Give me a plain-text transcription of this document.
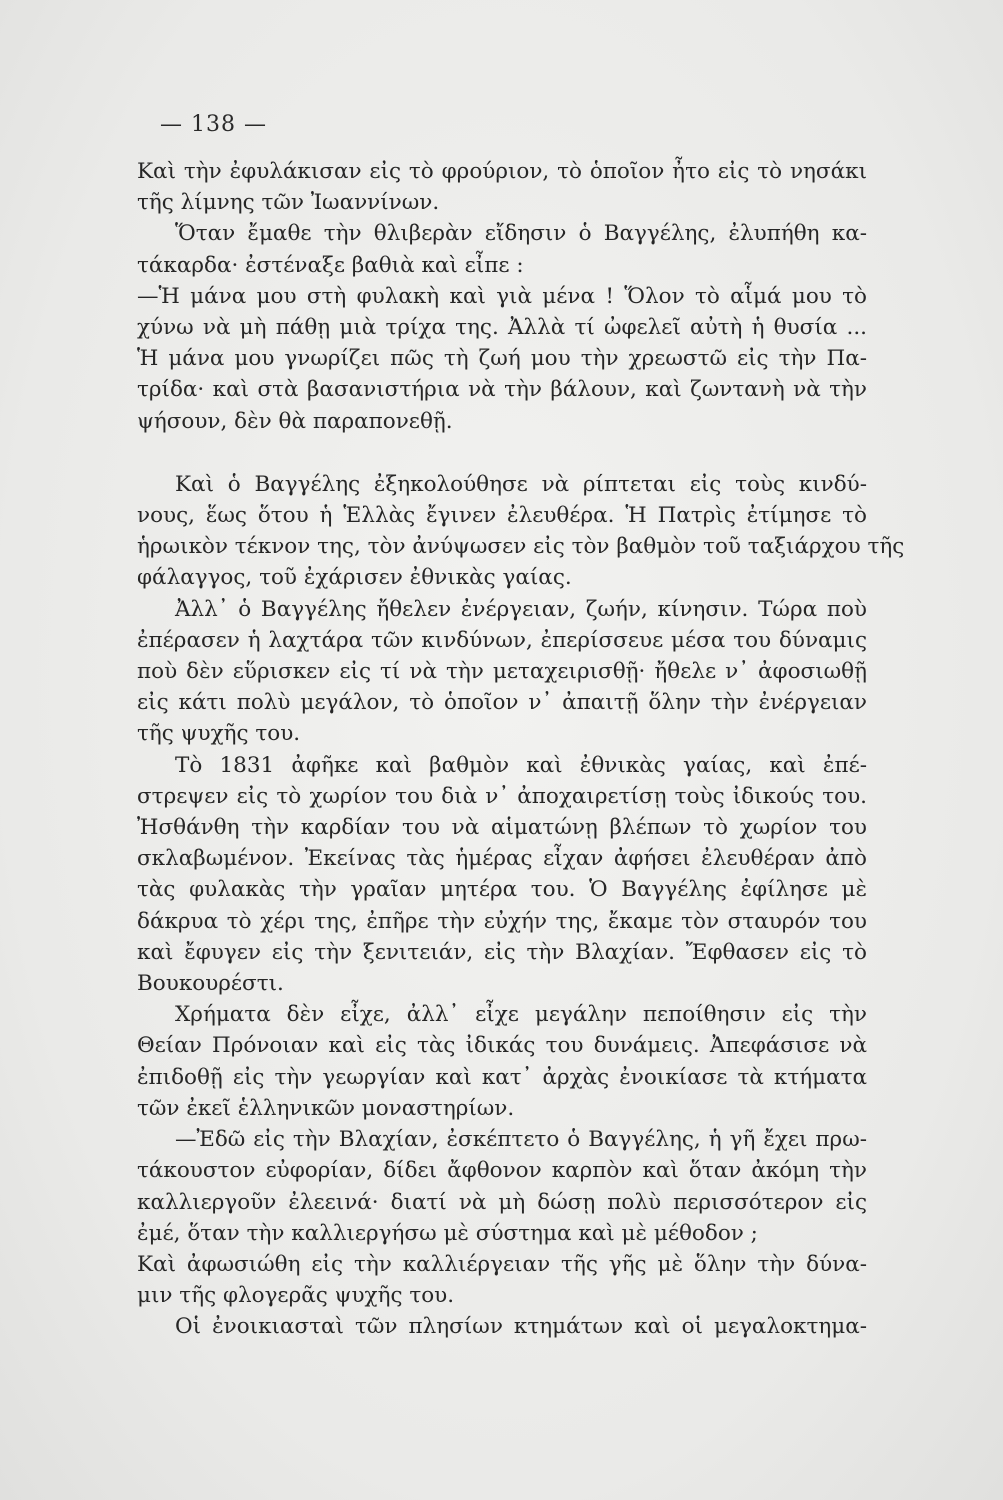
— 138 —
Καὶ τὴν ἐφυλάκισαν εἰς τὸ φρούριον, τὸ ὁποῖον ἦτο εἰς τὸ νησάκι
τῆς λίμνης τῶν Ἰωαννίνων.
Ὅταν ἔμαθε τὴν θλιβερὰν εἴδησιν ὁ Βαγγέλης, ἐλυπήθη κα-
τάκαρδα· ἐστέναξε βαθιὰ καὶ εἶπε :
—Ἡ μάνα μου στὴ φυλακὴ καὶ γιὰ μένα ! Ὅλον τὸ αἷμά μου τὸ
χύνω νὰ μὴ πάθῃ μιὰ τρίχα της. Ἀλλὰ τί ὠφελεῖ αὐτὴ ἡ θυσία ...
Ἡ μάνα μου γνωρίζει πῶς τὴ ζωή μου τὴν χρεωστῶ εἰς τὴν Πα-
τρίδα· καὶ στὰ βασανιστήρια νὰ τὴν βάλουν, καὶ ζωντανὴ νὰ τὴν
ψήσουν, δὲν θὰ παραπονεθῇ.
Καὶ ὁ Βαγγέλης ἐξηκολούθησε νὰ ρίπτεται εἰς τοὺς κινδύ-
νους, ἕως ὅτου ἡ Ἑλλὰς ἔγινεν ἐλευθέρα. Ἡ Πατρὶς ἐτίμησε τὸ
ἡρωικὸν τέκνον της, τὸν ἀνύψωσεν εἰς τὸν βαθμὸν τοῦ ταξιάρχου τῆς
φάλαγγος, τοῦ ἐχάρισεν ἐθνικὰς γαίας.
Ἀλλ᾽ ὁ Βαγγέλης ἤθελεν ἐνέργειαν, ζωήν, κίνησιν. Τώρα ποὺ
ἐπέρασεν ἡ λαχτάρα τῶν κινδύνων, ἐπερίσσευε μέσα του δύναμις
ποὺ δὲν εὕρισκεν εἰς τί νὰ τὴν μεταχειρισθῇ· ἤθελε ν᾽ ἀφοσιωθῇ
εἰς κάτι πολὺ μεγάλον, τὸ ὁποῖον ν᾽ ἀπαιτῇ ὅλην τὴν ἐνέργειαν
τῆς ψυχῆς του.
Τὸ 1831 ἀφῆκε καὶ βαθμὸν καὶ ἐθνικὰς γαίας, καὶ ἐπέ-
στρεψεν εἰς τὸ χωρίον του διὰ ν᾽ ἀποχαιρετίσῃ τοὺς ἰδικούς του.
Ἠσθάνθη τὴν καρδίαν του νὰ αἱματώνῃ βλέπων τὸ χωρίον του
σκλαβωμένον. Ἐκείνας τὰς ἡμέρας εἶχαν ἀφήσει ἐλευθέραν ἀπὸ
τὰς φυλακὰς τὴν γραῖαν μητέρα του. Ὁ Βαγγέλης ἐφίλησε μὲ
δάκρυα τὸ χέρι της, ἐπῆρε τὴν εὐχήν της, ἔκαμε τὸν σταυρόν του
καὶ ἔφυγεν εἰς τὴν ξενιτειάν, εἰς τὴν Βλαχίαν. Ἔφθασεν εἰς τὸ
Βουκουρέστι.
Χρήματα δὲν εἶχε, ἀλλ᾽ εἶχε μεγάλην πεποίθησιν εἰς τὴν
Θείαν Πρόνοιαν καὶ εἰς τὰς ἰδικάς του δυνάμεις. Ἀπεφάσισε νὰ
ἐπιδοθῇ εἰς τὴν γεωργίαν καὶ κατ᾽ ἀρχὰς ἐνοικίασε τὰ κτήματα
τῶν ἐκεῖ ἑλληνικῶν μοναστηρίων.
—Ἐδῶ εἰς τὴν Βλαχίαν, ἐσκέπτετο ὁ Βαγγέλης, ἡ γῆ ἔχει πρω-
τάκουστον εὐφορίαν, δίδει ἄφθονον καρπὸν καὶ ὅταν ἀκόμη τὴν
καλλιεργοῦν ἐλεεινά· διατί νὰ μὴ δώσῃ πολὺ περισσότερον εἰς
ἐμέ, ὅταν τὴν καλλιεργήσω μὲ σύστημα καὶ μὲ μέθοδον ;
Καὶ ἀφωσιώθη εἰς τὴν καλλιέργειαν τῆς γῆς μὲ ὅλην τὴν δύνα-
μιν τῆς φλογερᾶς ψυχῆς του.
Οἱ ἐνοικιασταὶ τῶν πλησίων κτημάτων καὶ οἱ μεγαλοκτημα-
